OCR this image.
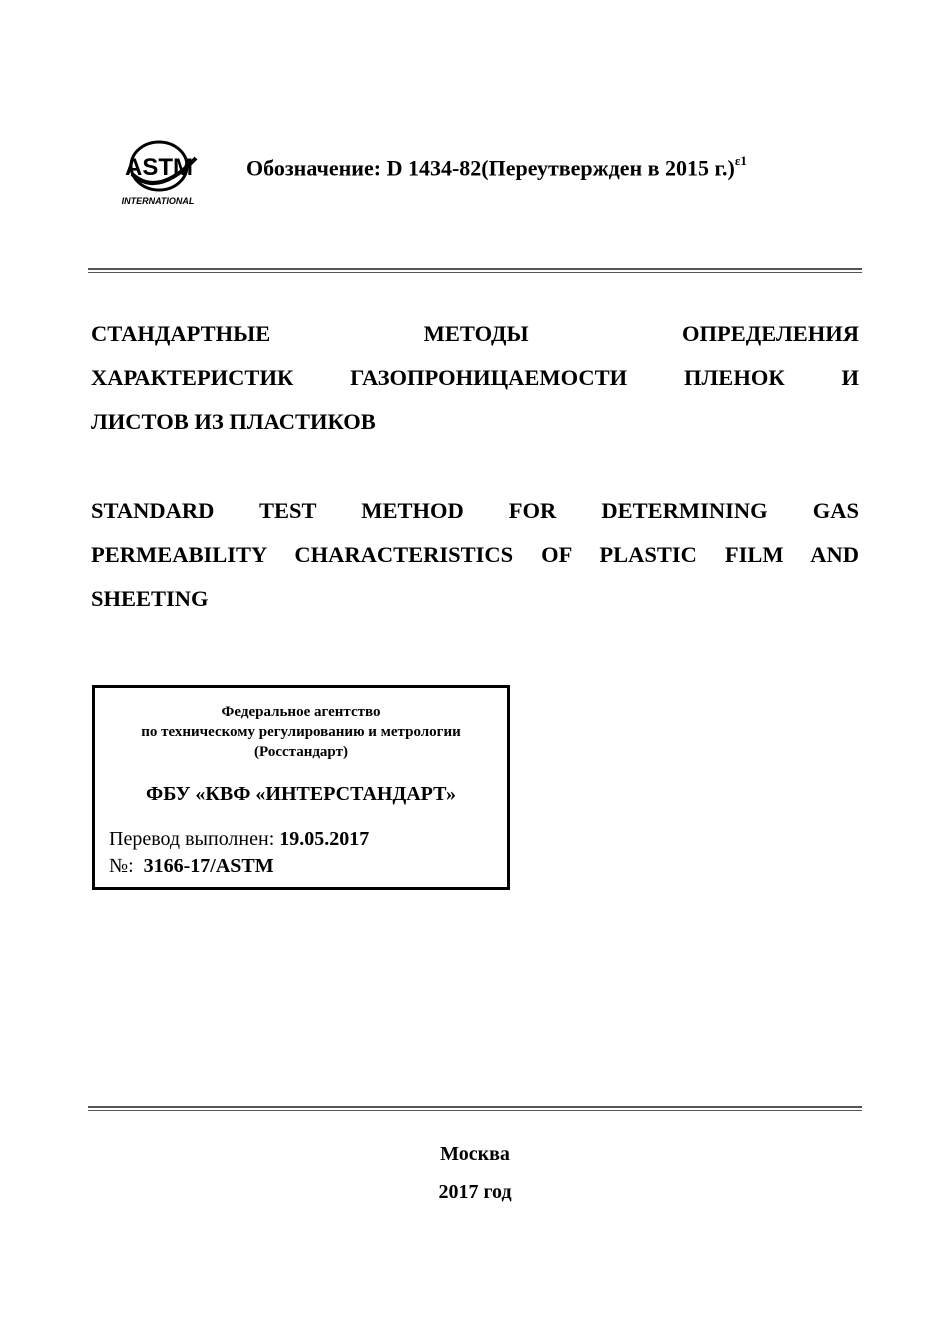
ASTM
INTERNATIONAL
Обозначение: D 1434-82(Переутвержден в 2015 г.)$^{\varepsilon 1}$
СТАНДАРТНЫЕ МЕТОДЫ ОПРЕДЕЛЕНИЯ
ХАРАКТЕРИСТИК ГАЗОПРОНИЦАЕМОСТИ ПЛЕНОК И
ЛИСТОВ ИЗ ПЛАСТИКОВ
STANDARD TEST METHOD FOR DETERMINING GAS
PERMEABILITY CHARACTERISTICS OF PLASTIC FILM AND
SHEETING
Федеральное агентство
по техническому регулированию и метрологии
(Росстандарт)
ФБУ «КВФ «ИНТЕРСТАНДАРТ»
Перевод выполнен: 19.05.2017
№: 3166-17/ASTM
Москва
2017 год
